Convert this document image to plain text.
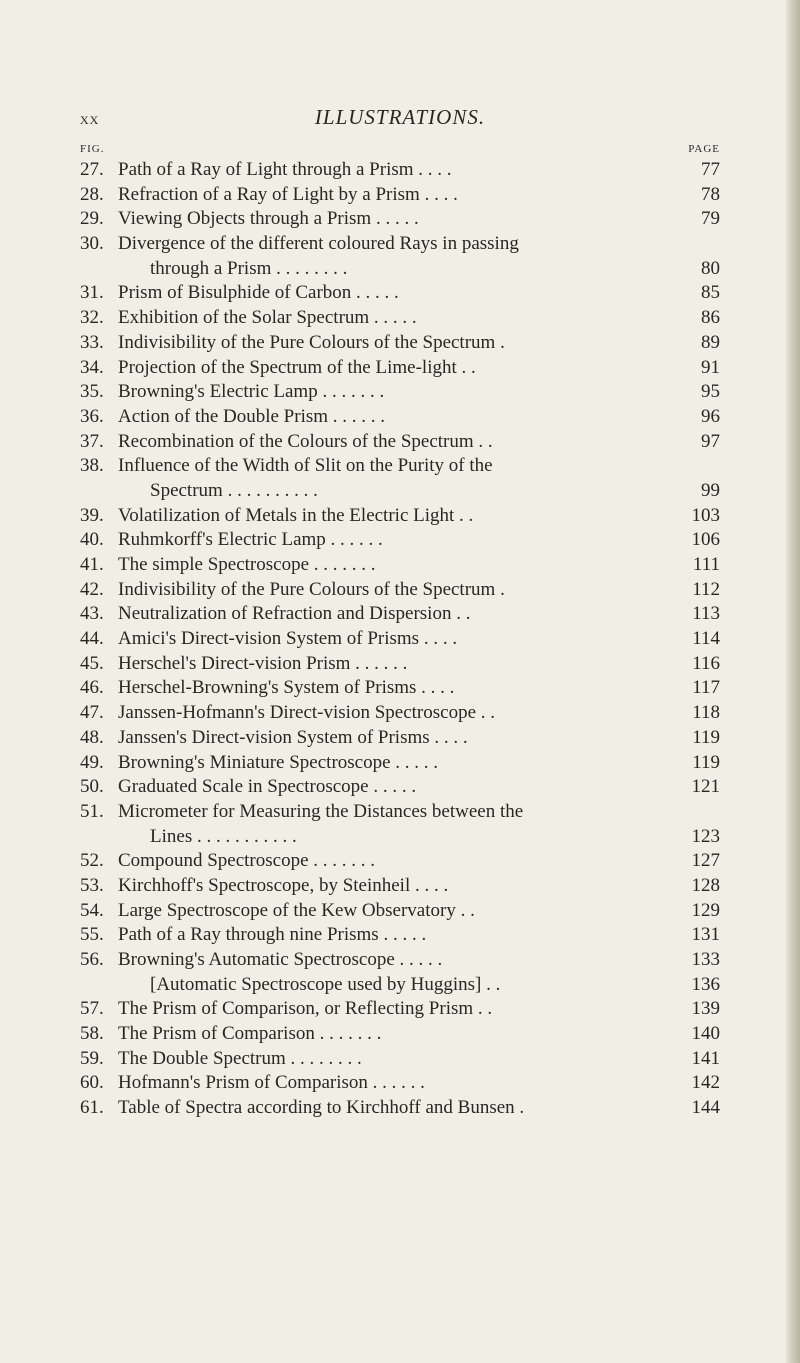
XX	ILLUSTRATIONS.
FIG.	PAGE
27. Path of a Ray of Light through a Prism . . . .	77
28. Refraction of a Ray of Light by a Prism . . . .	78
29. Viewing Objects through a Prism . . . . .	79
30. Divergence of the different coloured Rays in passing
through a Prism . . . . . . . .	80
31. Prism of Bisulphide of Carbon . . . . .	85
32. Exhibition of the Solar Spectrum . . . . .	86
33. Indivisibility of the Pure Colours of the Spectrum .	89
34. Projection of the Spectrum of the Lime-light . .	91
35. Browning's Electric Lamp . . . . . . .	95
36. Action of the Double Prism . . . . . .	96
37. Recombination of the Colours of the Spectrum . .	97
38. Influence of the Width of Slit on the Purity of the
Spectrum . . . . . . . . . .	99
39. Volatilization of Metals in the Electric Light . .	103
40. Ruhmkorff's Electric Lamp . . . . . .	106
41. The simple Spectroscope . . . . . . .	111
42. Indivisibility of the Pure Colours of the Spectrum .	112
43. Neutralization of Refraction and Dispersion . .	113
44. Amici's Direct-vision System of Prisms . . . .	114
45. Herschel's Direct-vision Prism . . . . . .	116
46. Herschel-Browning's System of Prisms . . . .	117
47. Janssen-Hofmann's Direct-vision Spectroscope . .	118
48. Janssen's Direct-vision System of Prisms . . . .	119
49. Browning's Miniature Spectroscope . . . . .	119
50. Graduated Scale in Spectroscope . . . . .	121
51. Micrometer for Measuring the Distances between the
Lines . . . . . . . . . . .	123
52. Compound Spectroscope . . . . . . .	127
53. Kirchhoff's Spectroscope, by Steinheil . . . .	128
54. Large Spectroscope of the Kew Observatory . .	129
55. Path of a Ray through nine Prisms . . . . .	131
56. Browning's Automatic Spectroscope . . . . .	133
[Automatic Spectroscope used by Huggins] . .	136
57. The Prism of Comparison, or Reflecting Prism . .	139
58. The Prism of Comparison . . . . . . .	140
59. The Double Spectrum . . . . . . . .	141
60. Hofmann's Prism of Comparison . . . . . .	142
61. Table of Spectra according to Kirchhoff and Bunsen .	144
